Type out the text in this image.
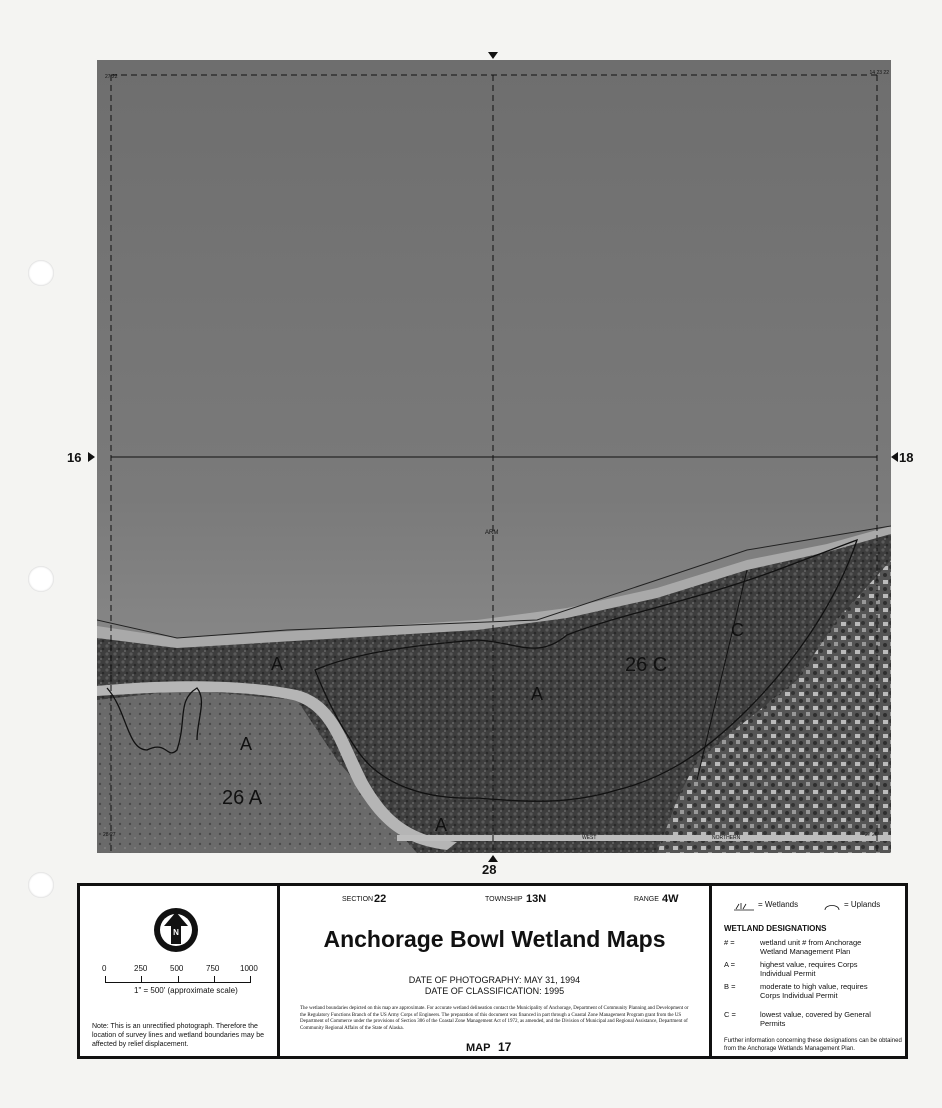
16	18
28
27 22
14 23 22
28 27	27 26
ARM
WEST	NORTHERN
A
A
A
A
26 A
26 C
C
N
0	250	500	750	1000
1" = 500' (approximate scale)
Note: This is an unrectified photograph. Therefore the location of survey lines and wetland boundaries may be affected by relief displacement.
SECTION 22	TOWNSHIP 13N	RANGE 4W
Anchorage Bowl Wetland Maps
DATE OF PHOTOGRAPHY: MAY 31, 1994
DATE OF CLASSIFICATION: 1995
The wetland boundaries depicted on this map are approximate. For accurate wetland delineation contact the Municipality of Anchorage, Department of Community Planning and Development or the Regulatory Functions Branch of the US Army Corps of Engineers. The preparation of this document was financed in part through a Coastal Zone Management Program grant from the US Department of Commerce under the provisions of Section 306 of the Coastal Zone Management Act of 1972, as amended, and the Division of Municipal and Regional Assistance, Department of Community Regional Affairs of the State of Alaska.
MAP 17
= Wetlands	= Uplands
WETLAND DESIGNATIONS
# =	wetland unit # from Anchorage Wetland Management Plan
A =	highest value, requires Corps Individual Permit
B =	moderate to high value, requires Corps Individual Permit
C =	lowest value, covered by General Permits
Further information concerning these designations can be obtained from the Anchorage Wetlands Management Plan.
